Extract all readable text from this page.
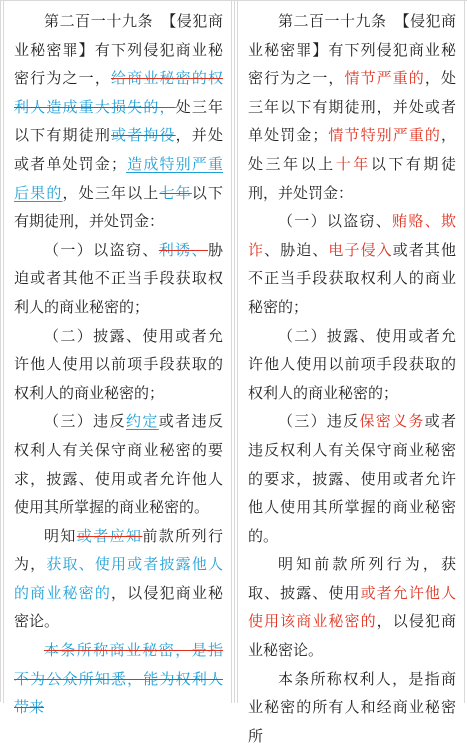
第二百一十九条　【侵犯商业秘密罪】有下列侵犯商业秘密行为之一，给商业秘密的权利人造成重大损失的，处三年以下有期徒刑或者拘役，并处或者单处罚金；造成特别严重后果的，处三年以上七年以下有期徒刑，并处罚金：

（一）以盗窃、利诱、胁迫或者其他不正当手段获取权利人的商业秘密的；

（二）披露、使用或者允许他人使用以前项手段获取的权利人的商业秘密的；

（三）违反约定或者违反权利人有关保守商业秘密的要求，披露、使用或者允许他人使用其所掌握的商业秘密的。

明知或者应知前款所列行为，获取、使用或者披露他人的商业秘密的，以侵犯商业秘密论。

本条所称商业秘密，是指不为公众所知悉，能为权利人带来

第二百一十九条　【侵犯商业秘密罪】有下列侵犯商业秘密行为之一，情节严重的，处三年以下有期徒刑，并处或者单处罚金；情节特别严重的，处三年以上十年以下有期徒刑，并处罚金：

（一）以盗窃、贿赂、欺诈、胁迫、电子侵入或者其他不正当手段获取权利人的商业秘密的；

（二）披露、使用或者允许他人使用以前项手段获取的权利人的商业秘密的；

（三）违反保密义务或者违反权利人有关保守商业秘密的要求，披露、使用或者允许他人使用其所掌握的商业秘密的。

明知前款所列行为，获取、披露、使用或者允许他人使用该商业秘密的，以侵犯商业秘密论。

本条所称权利人，是指商业秘密的所有人和经商业秘密所
